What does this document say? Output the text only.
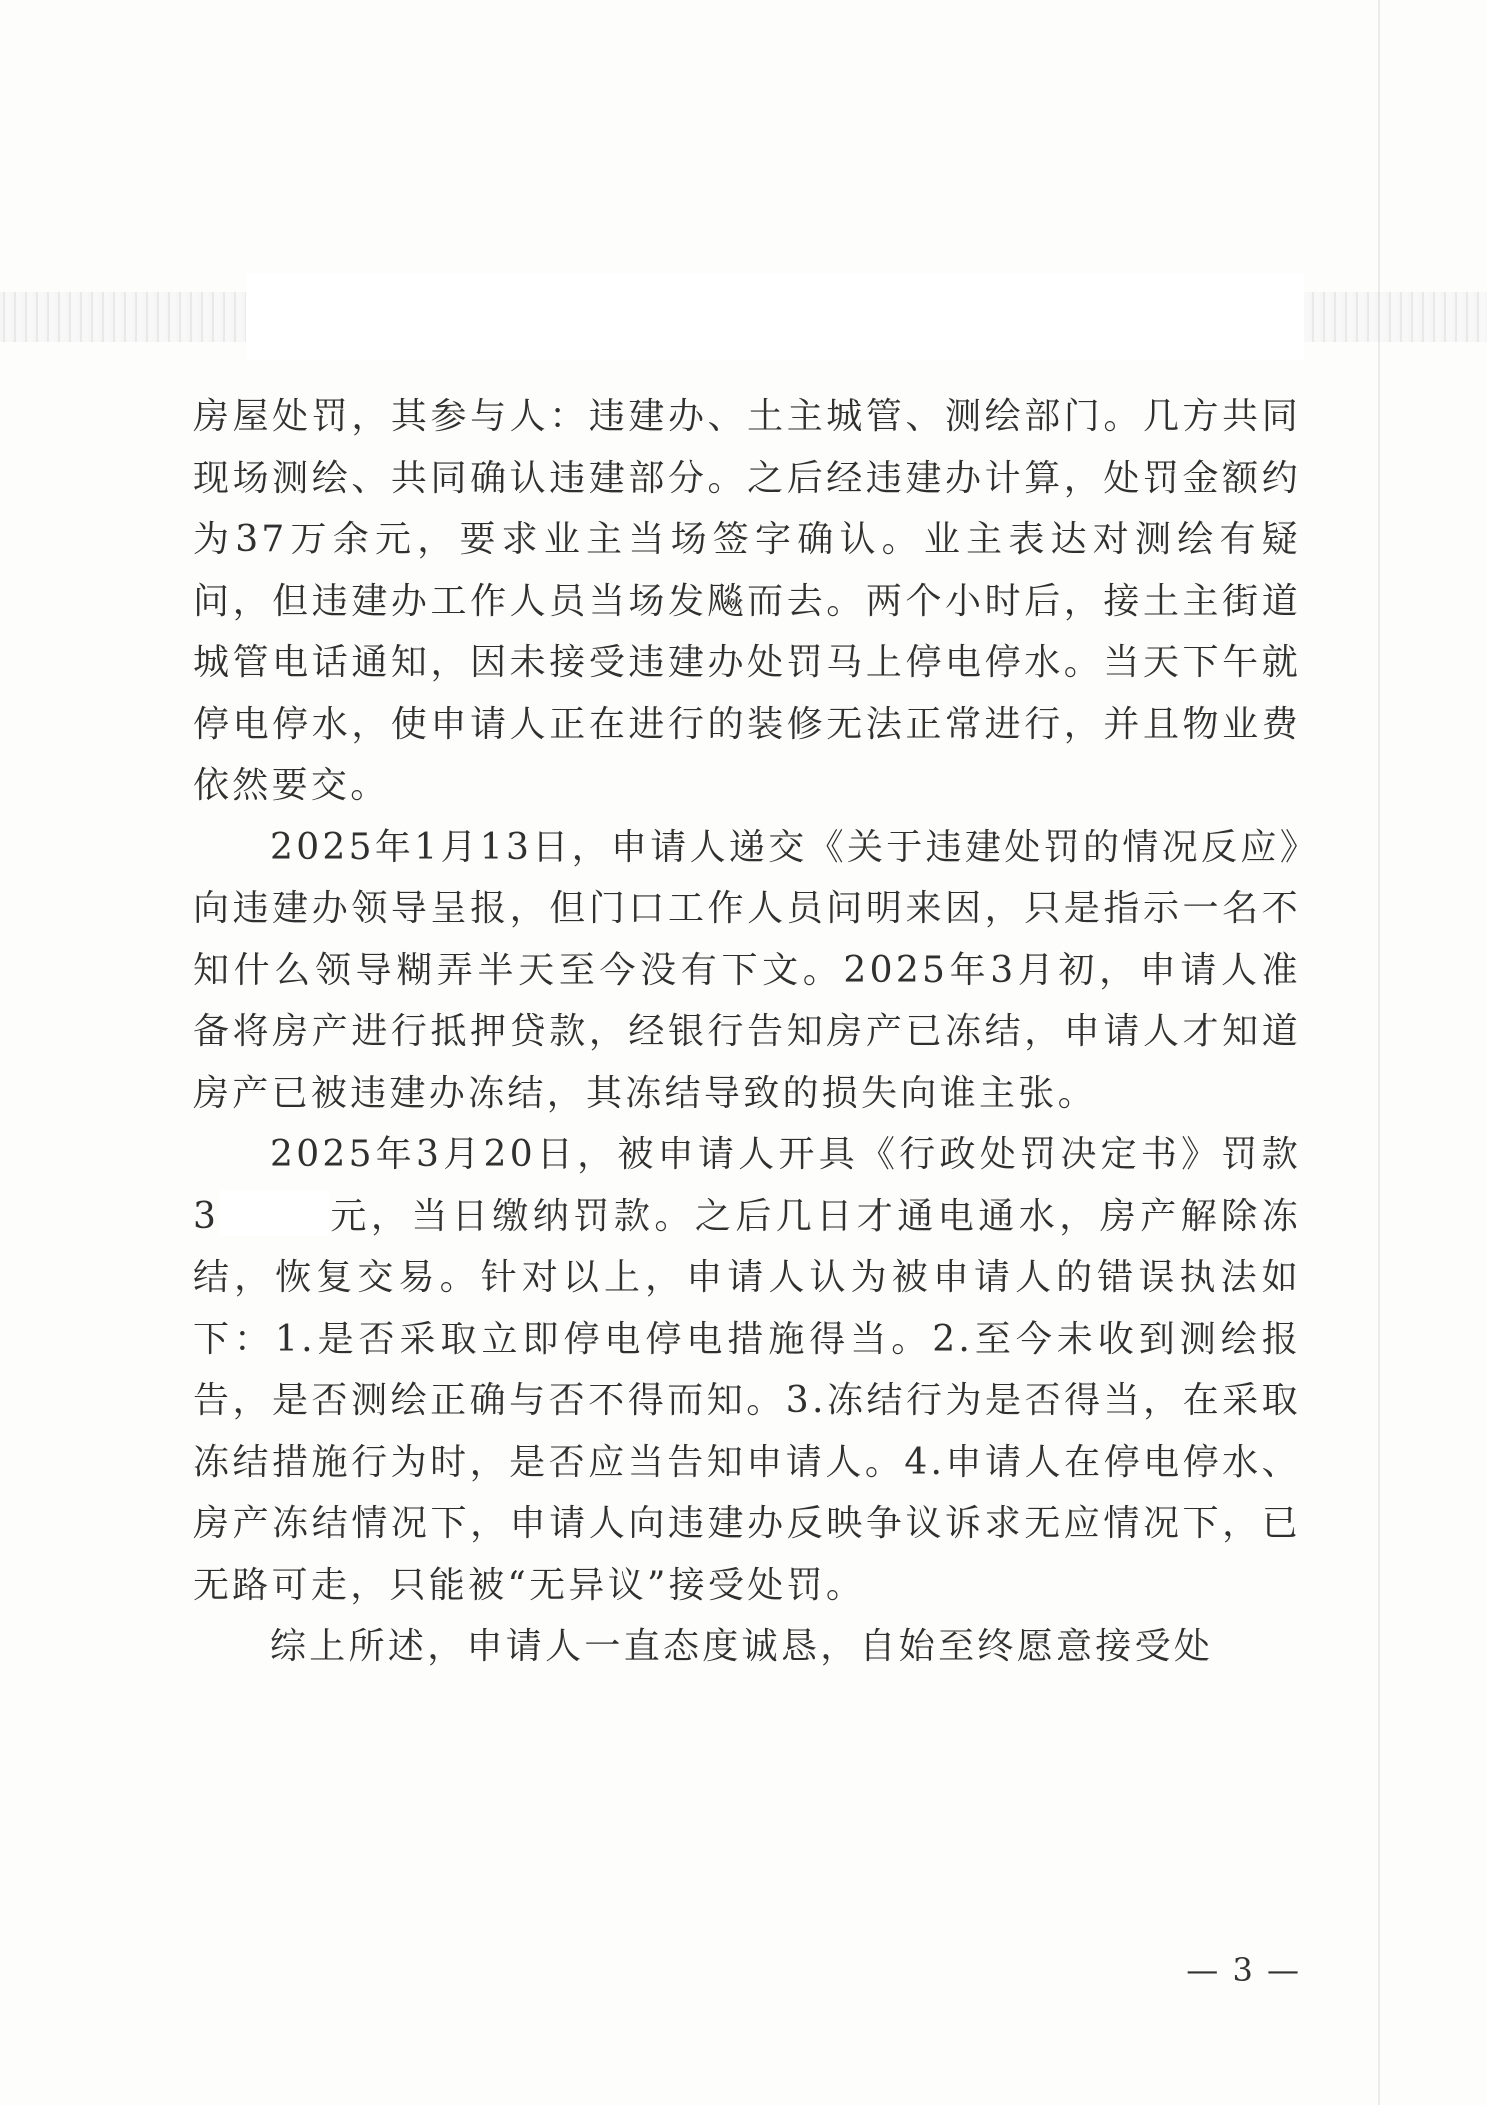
房屋处罚，其参与人：违建办、土主城管、测绘部门。几方共同现场测绘、共同确认违建部分。之后经违建办计算，处罚金额约为37万余元，要求业主当场签字确认。业主表达对测绘有疑问，但违建办工作人员当场发飚而去。两个小时后，接土主街道城管电话通知，因未接受违建办处罚马上停电停水。当天下午就停电停水，使申请人正在进行的装修无法正常进行，并且物业费依然要交。

2025年1月13日，申请人递交《关于违建处罚的情况反应》向违建办领导呈报，但门口工作人员问明来因，只是指示一名不知什么领导糊弄半天至今没有下文。2025年3月初，申请人准备将房产进行抵押贷款，经银行告知房产已冻结，申请人才知道房产已被违建办冻结，其冻结导致的损失向谁主张。

2025年3月20日，被申请人开具《行政处罚决定书》罚款3	元，当日缴纳罚款。之后几日才通电通水，房产解除冻结，恢复交易。针对以上，申请人认为被申请人的错误执法如下：1.是否采取立即停电停电措施得当。2.至今未收到测绘报告，是否测绘正确与否不得而知。3.冻结行为是否得当，在采取冻结措施行为时，是否应当告知申请人。4.申请人在停电停水、房产冻结情况下，申请人向违建办反映争议诉求无应情况下，已无路可走，只能被“无异议”接受处罚。

综上所述，申请人一直态度诚恳，自始至终愿意接受处

— 3 —
